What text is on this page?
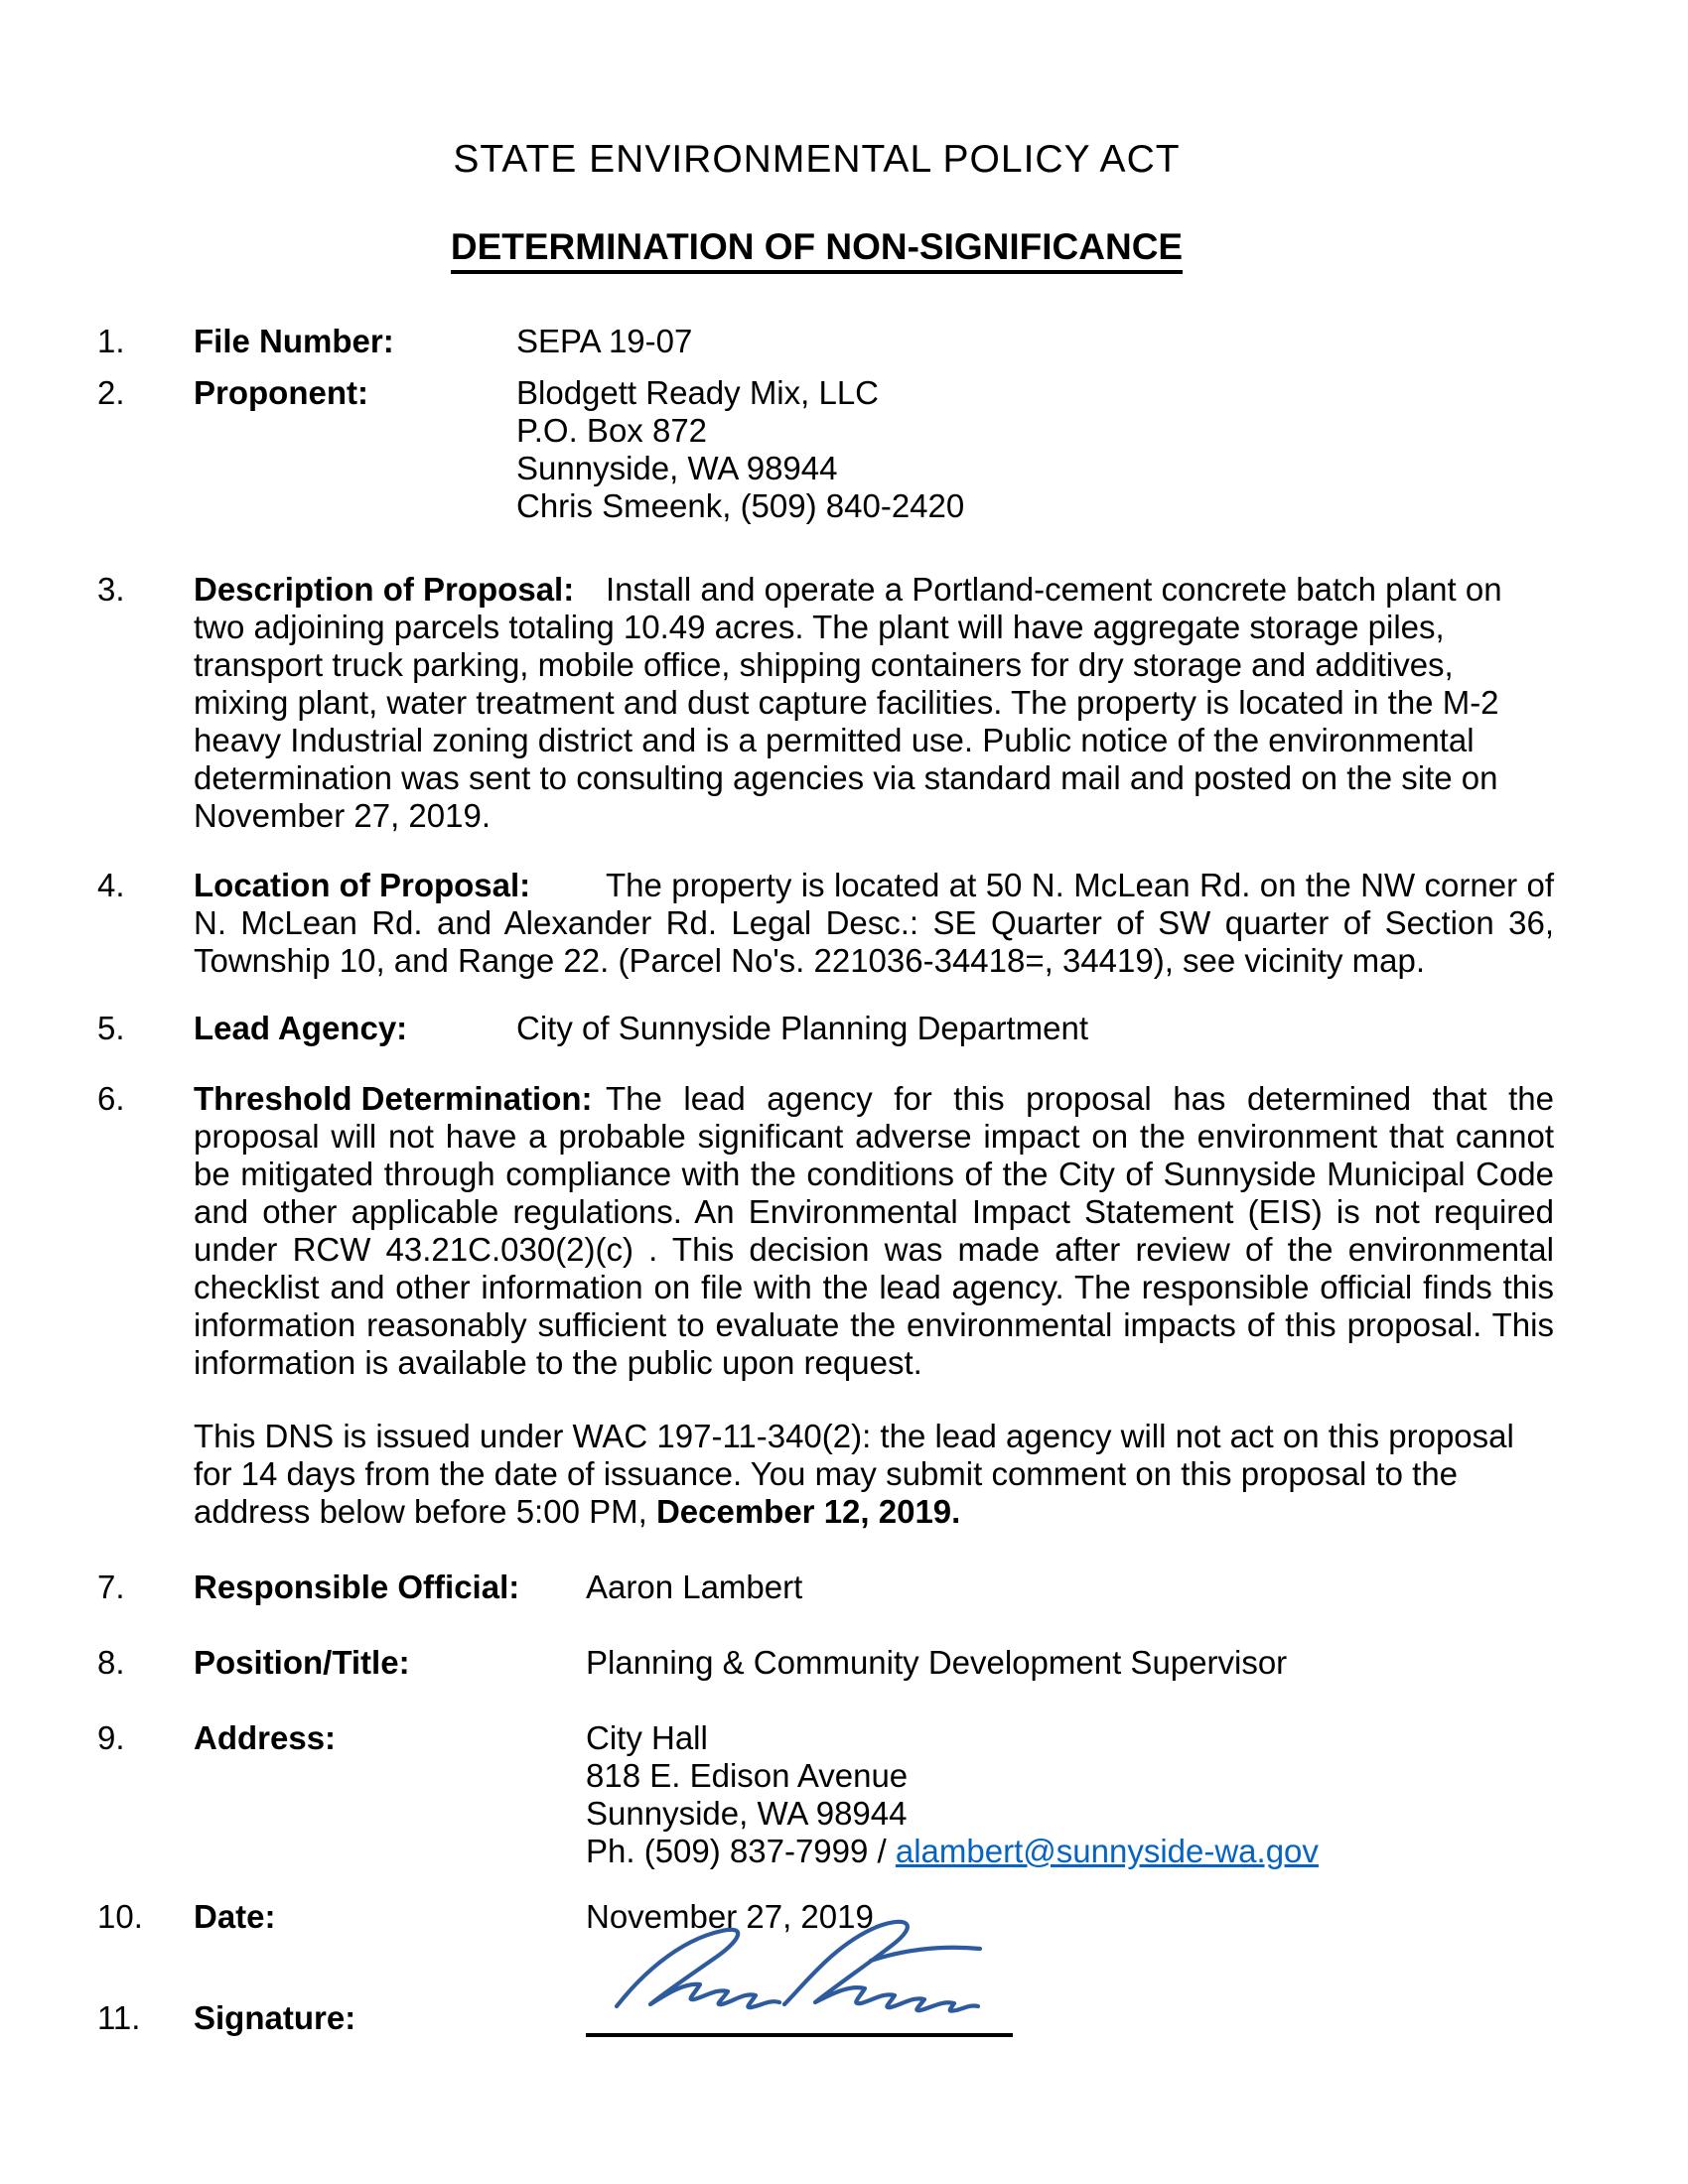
STATE ENVIRONMENTAL POLICY ACT
DETERMINATION OF NON-SIGNIFICANCE
1. File Number:	SEPA 19-07
2. Proponent:	Blodgett Ready Mix, LLC
P.O. Box 872
Sunnyside, WA 98944
Chris Smeenk, (509) 840-2420
3. Description of Proposal: Install and operate a Portland-cement concrete batch plant on two adjoining parcels totaling 10.49 acres. The plant will have aggregate storage piles, transport truck parking, mobile office, shipping containers for dry storage and additives, mixing plant, water treatment and dust capture facilities. The property is located in the M-2 heavy Industrial zoning district and is a permitted use. Public notice of the environmental determination was sent to consulting agencies via standard mail and posted on the site on November 27, 2019.
4. Location of Proposal: The property is located at 50 N. McLean Rd. on the NW corner of N. McLean Rd. and Alexander Rd. Legal Desc.: SE Quarter of SW quarter of Section 36, Township 10, and Range 22. (Parcel No's. 221036-34418=, 34419), see vicinity map.
5. Lead Agency:	City of Sunnyside Planning Department
6. Threshold Determination: The lead agency for this proposal has determined that the proposal will not have a probable significant adverse impact on the environment that cannot be mitigated through compliance with the conditions of the City of Sunnyside Municipal Code and other applicable regulations. An Environmental Impact Statement (EIS) is not required under RCW 43.21C.030(2)(c) . This decision was made after review of the environmental checklist and other information on file with the lead agency. The responsible official finds this information reasonably sufficient to evaluate the environmental impacts of this proposal. This information is available to the public upon request.
This DNS is issued under WAC 197-11-340(2): the lead agency will not act on this proposal for 14 days from the date of issuance. You may submit comment on this proposal to the address below before 5:00 PM, December 12, 2019.
7. Responsible Official: Aaron Lambert
8. Position/Title:	Planning & Community Development Supervisor
9. Address:	City Hall
818 E. Edison Avenue
Sunnyside, WA 98944
Ph. (509) 837-7999 / alambert@sunnyside-wa.gov
10. Date:	November 27, 2019
11. Signature:
